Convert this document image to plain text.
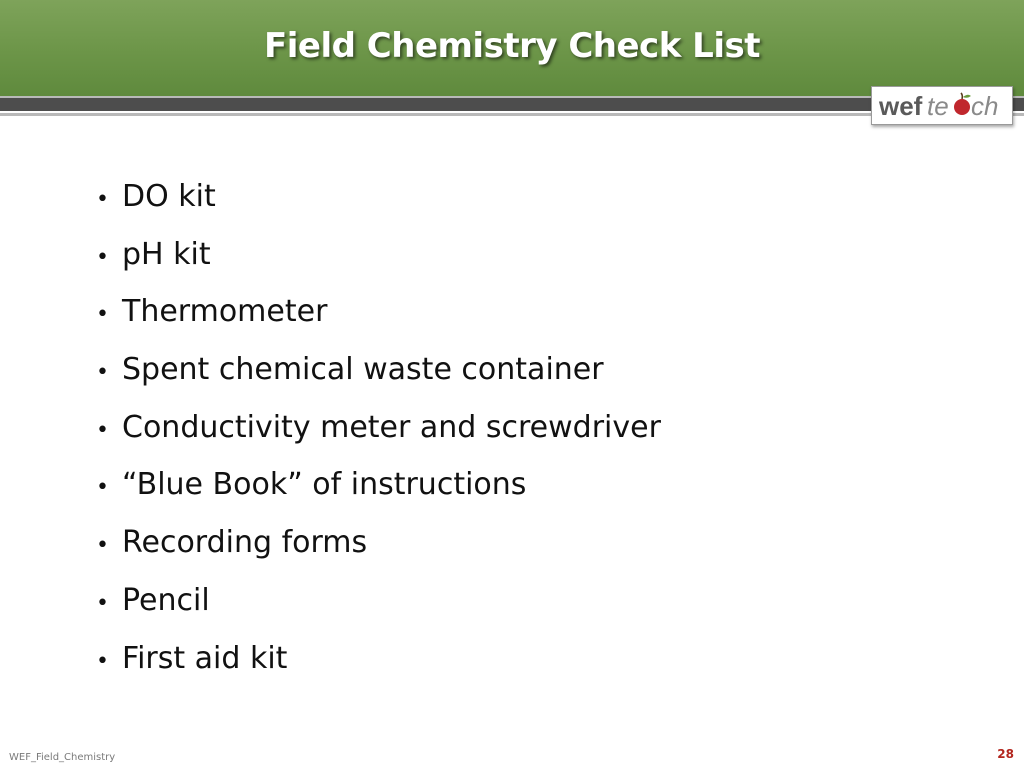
Field Chemistry Check List
wef te ch
• DO kit
• pH kit
• Thermometer
• Spent chemical waste container
• Conductivity meter and screwdriver
• “Blue Book” of instructions
• Recording forms
• Pencil
• First aid kit
WEF_Field_Chemistry	28
